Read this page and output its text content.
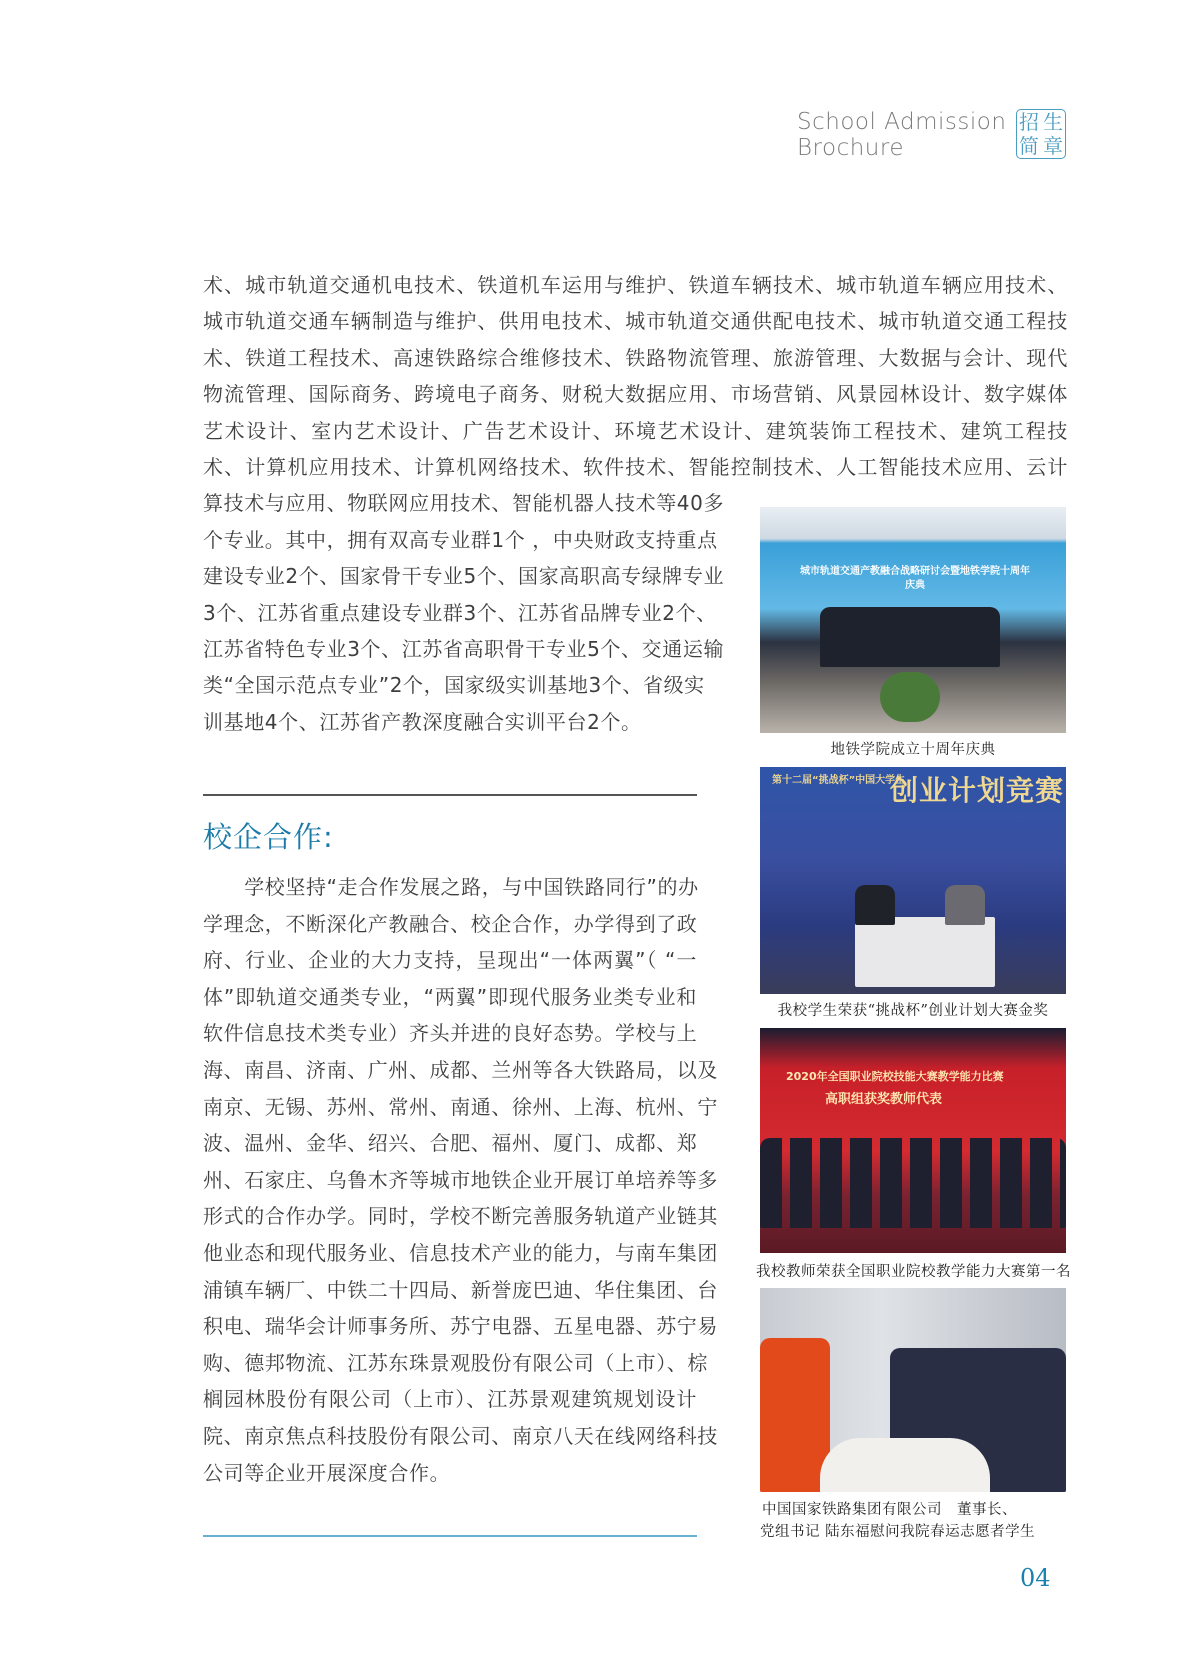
School Admission
Brochure
招 生
简 章
术、城市轨道交通机电技术、铁道机车运用与维护、铁道车辆技术、城市轨道车辆应用技术、
城市轨道交通车辆制造与维护、供用电技术、城市轨道交通供配电技术、城市轨道交通工程技
术、铁道工程技术、高速铁路综合维修技术、铁路物流管理、旅游管理、大数据与会计、现代
物流管理、国际商务、跨境电子商务、财税大数据应用、市场营销、风景园林设计、数字媒体
艺术设计、室内艺术设计、广告艺术设计、环境艺术设计、建筑装饰工程技术、建筑工程技
术、计算机应用技术、计算机网络技术、软件技术、智能控制技术、人工智能技术应用、云计
算技术与应用、物联网应用技术、智能机器人技术等40多
个专业。其中，拥有双高专业群1个 ，中央财政支持重点
建设专业2个、国家骨干专业5个、国家高职高专绿牌专业
3个、江苏省重点建设专业群3个、江苏省品牌专业2个、
江苏省特色专业3个、江苏省高职骨干专业5个、交通运输
类“全国示范点专业”2个，国家级实训基地3个、省级实
训基地4个、江苏省产教深度融合实训平台2个。
校企合作:
　　学校坚持“走合作发展之路，与中国铁路同行”的办
学理念，不断深化产教融合、校企合作，办学得到了政
府、行业、企业的大力支持，呈现出“一体两翼”（ “一
体”即轨道交通类专业，“两翼”即现代服务业类专业和
软件信息技术类专业）齐头并进的良好态势。学校与上
海、南昌、济南、广州、成都、兰州等各大铁路局，以及
南京、无锡、苏州、常州、南通、徐州、上海、杭州、宁
波、温州、金华、绍兴、合肥、福州、厦门、成都、郑
州、石家庄、乌鲁木齐等城市地铁企业开展订单培养等多
形式的合作办学。同时，学校不断完善服务轨道产业链其
他业态和现代服务业、信息技术产业的能力，与南车集团
浦镇车辆厂、中铁二十四局、新誉庞巴迪、华住集团、台
积电、瑞华会计师事务所、苏宁电器、五星电器、苏宁易
购、德邦物流、江苏东珠景观股份有限公司（上市）、棕
榈园林股份有限公司（上市）、江苏景观建筑规划设计
院、南京焦点科技股份有限公司、南京八天在线网络科技
公司等企业开展深度合作。
城市轨道交通产教融合战略研讨会暨地铁学院十周年庆典
地铁学院成立十周年庆典
第十二届“挑战杯”中国大学生
创业计划竞赛
我校学生荣获“挑战杯”创业计划大赛金奖
2020年全国职业院校技能大赛教学能力比赛
高职组获奖教师代表
我校教师荣获全国职业院校教学能力大赛第一名
中国国家铁路集团有限公司　董事长、
党组书记 陆东福慰问我院春运志愿者学生
04
